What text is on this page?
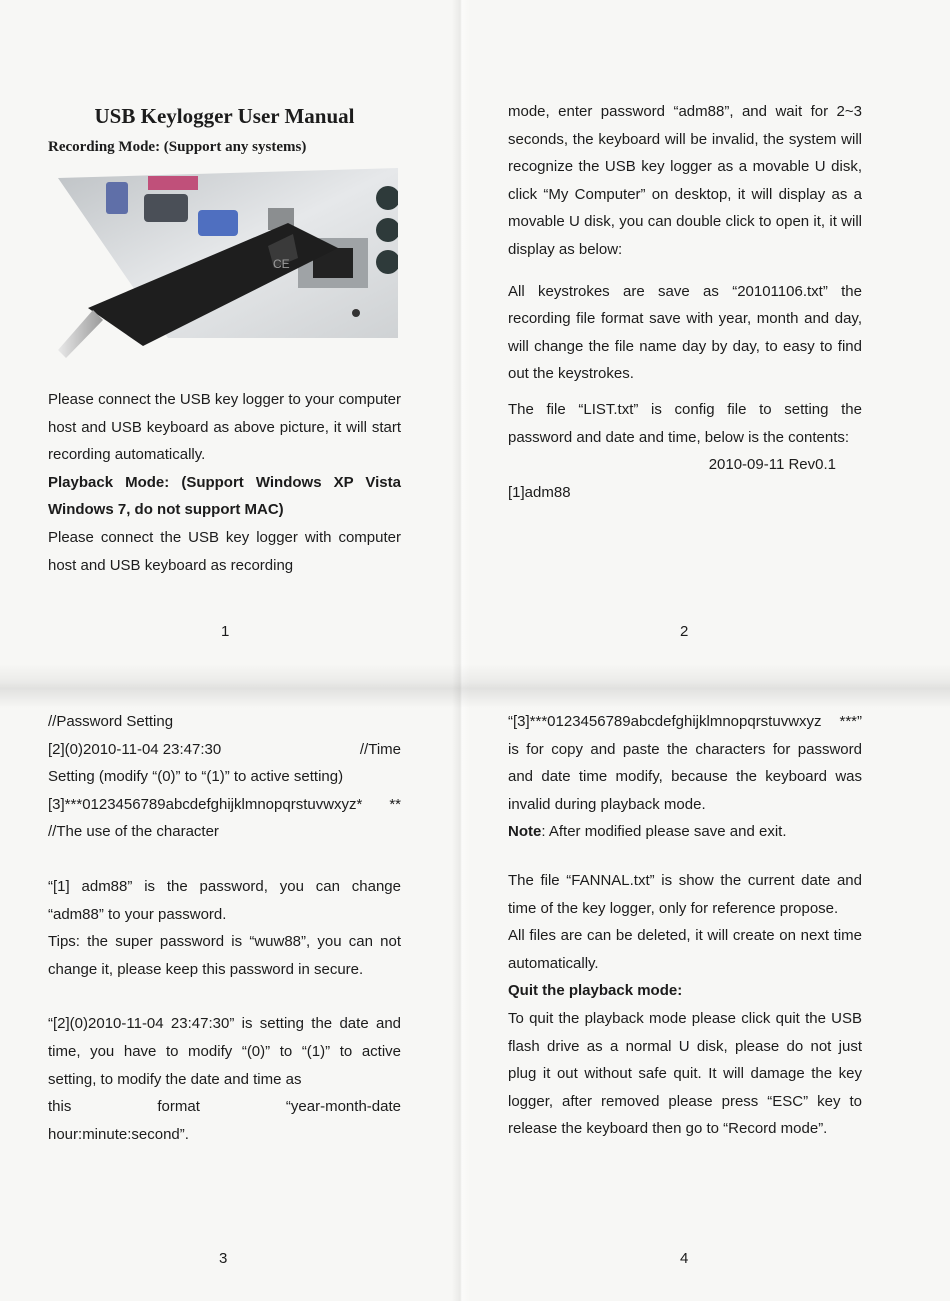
USB Keylogger User Manual
Recording Mode: (Support any systems)
CE

Please connect the USB key logger to your computer host and USB keyboard as above picture, it will start recording automatically.

Playback Mode: (Support Windows XP Vista Windows 7, do not support MAC)

Please connect the USB key logger with computer host and USB keyboard as recording

1

mode, enter password “adm88”, and wait for 2~3 seconds, the keyboard will be invalid, the system will recognize the USB key logger as a movable U disk, click “My Computer” on desktop, it will display as a movable U disk, you can double click to open it, it will display as below:

All keystrokes are save as “20101106.txt” the recording file format save with year, month and day, will change the file name day by day, to easy to find out the keystrokes.

The file “LIST.txt” is config file to setting the password and date and time, below is the contents:

2010-09-11 Rev0.1

[1]adm88

2

//Password Setting

[2](0)2010-11-04 23:47:30	//Time

Setting (modify “(0)” to “(1)” to active setting)

[3]***0123456789abcdefghijklmnopqrstuvwxyz* ** //The use of the character

“[1] adm88” is the password, you can change “adm88” to your password.

Tips: the super password is “wuw88”, you can not change it, please keep this password in secure.

“[2](0)2010-11-04 23:47:30” is setting the date and time, you have to modify “(0)” to “(1)” to active setting, to modify the date and time as

this	format	“year-month-date

hour:minute:second”.

3

“[3]***0123456789abcdefghijklmnopqrstuvwxyz ***” is for copy and paste the characters for password and date time modify, because the keyboard was invalid during playback mode.

Note: After modified please save and exit.

The file “FANNAL.txt” is show the current date and time of the key logger, only for reference propose.

All files are can be deleted, it will create on next time automatically.

Quit the playback mode:

To quit the playback mode please click quit the USB flash drive as a normal U disk, please do not just plug it out without safe quit. It will damage the key logger, after removed please press “ESC” key to release the keyboard then go to “Record mode”.

4
